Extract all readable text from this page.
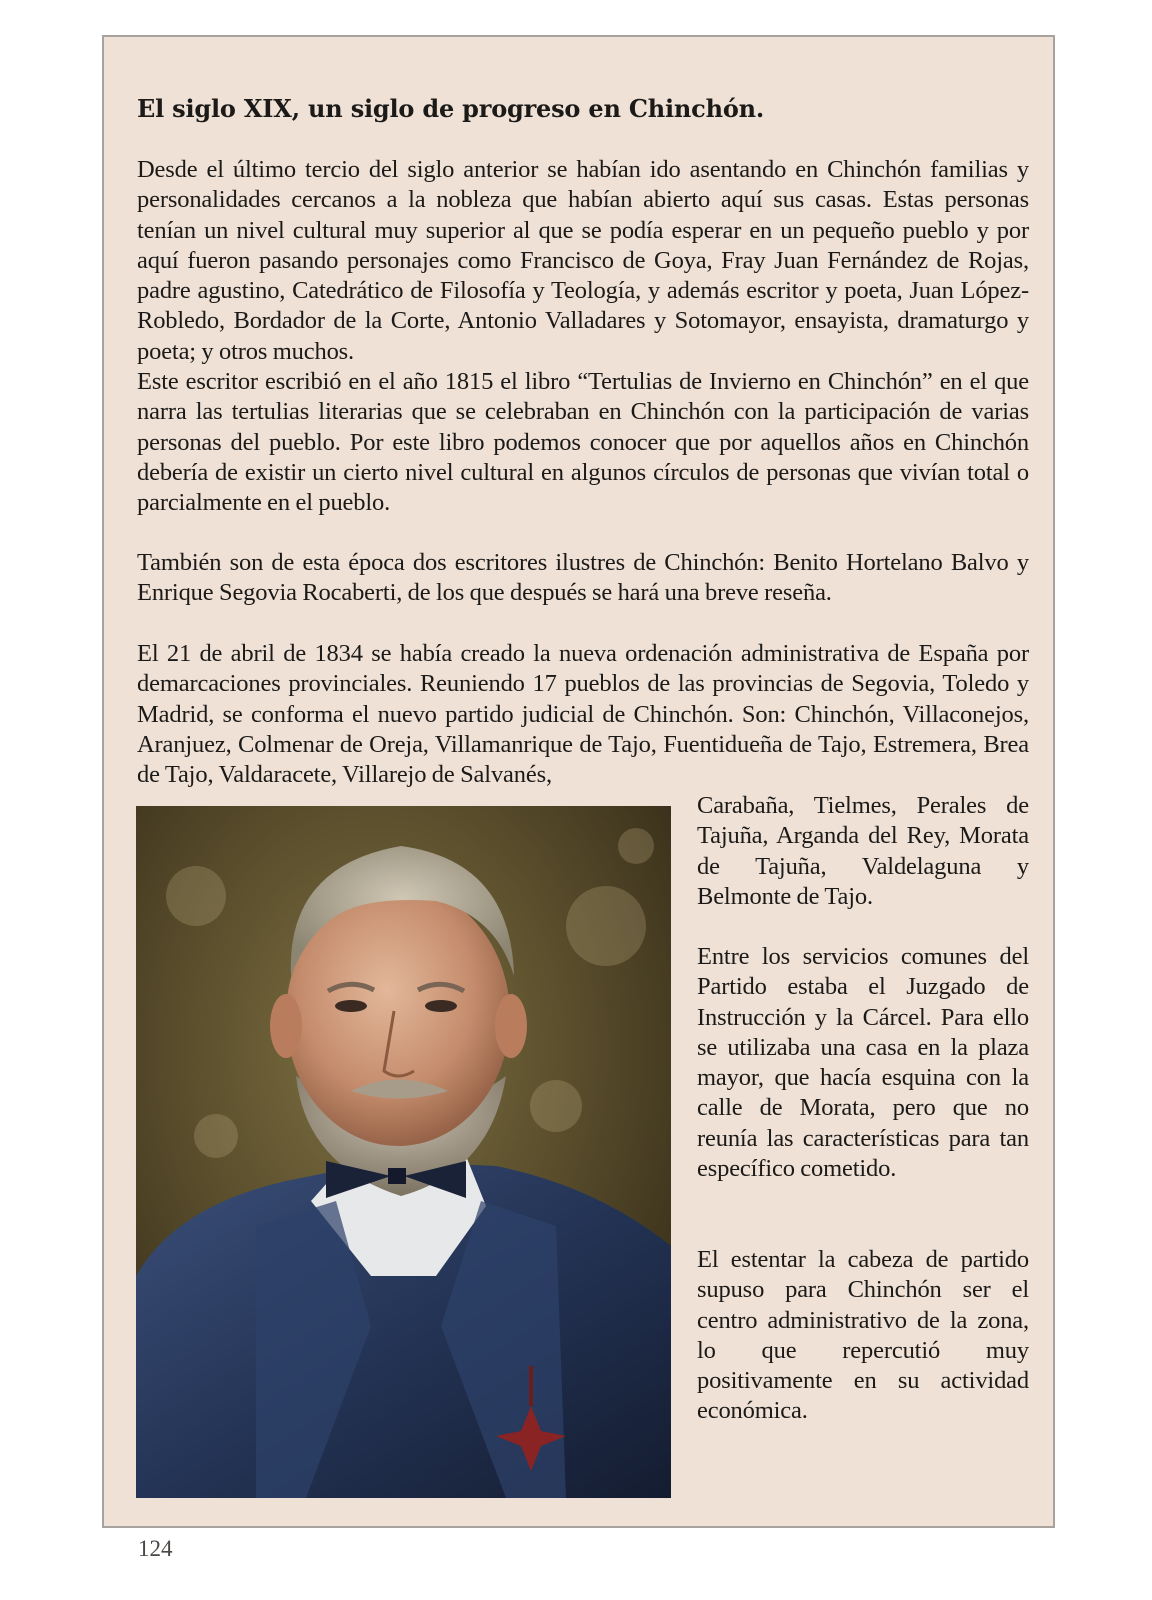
El siglo XIX, un siglo de progreso en Chinchón.

Desde el último tercio del siglo anterior se habían ido asentando en Chinchón familias y personalidades cercanos a la nobleza que habían abierto aquí sus casas. Estas personas tenían un nivel cultural muy superior al que se podía esperar en un pequeño pueblo y por aquí fueron pasando personajes como Francisco de Goya, Fray Juan Fernández de Rojas, padre agustino, Catedrático de Filosofía y Teología, y además escritor y poeta, Juan López-Robledo, Bordador de la Corte, Antonio Valladares y Sotomayor, ensayista, dramaturgo y poeta; y otros muchos.

Este escritor escribió en el año 1815 el libro “Tertulias de Invierno en Chinchón” en el que narra las tertulias literarias que se celebraban en Chinchón con la participación de varias personas del pueblo. Por este libro podemos conocer que por aquellos años en Chinchón debería de existir un cierto nivel cultural en algunos círculos de personas que vivían total o parcialmente en el pueblo.

También son de esta época dos escritores ilustres de Chinchón: Benito Hortelano Balvo y Enrique Segovia Rocaberti, de los que después se hará una breve reseña.

El 21 de abril de 1834 se había creado la nueva ordenación administrativa de España por demarcaciones provinciales. Reuniendo 17 pueblos de las provincias de Segovia, Toledo y Madrid, se conforma el nuevo partido judicial de Chinchón. Son: Chinchón, Villaconejos, Aranjuez, Colmenar de Oreja, Villamanrique de Tajo, Fuentidueña de Tajo, Estremera, Brea de Tajo, Valdaracete, Villarejo de Salvanés,

Carabaña, Tielmes, Perales de Tajuña, Arganda del Rey, Morata de Tajuña, Valdelaguna y Belmonte de Tajo.

Entre los servicios comunes del Partido estaba el Juzgado de Instrucción y la Cárcel. Para ello se utilizaba una casa en la plaza mayor, que hacía esquina con la calle de Morata, pero que no reunía las características para tan específico cometido.

El estentar la cabeza de partido supuso para Chinchón ser el centro administrativo de la zona, lo que repercutió muy positivamente en su actividad económica.

124
